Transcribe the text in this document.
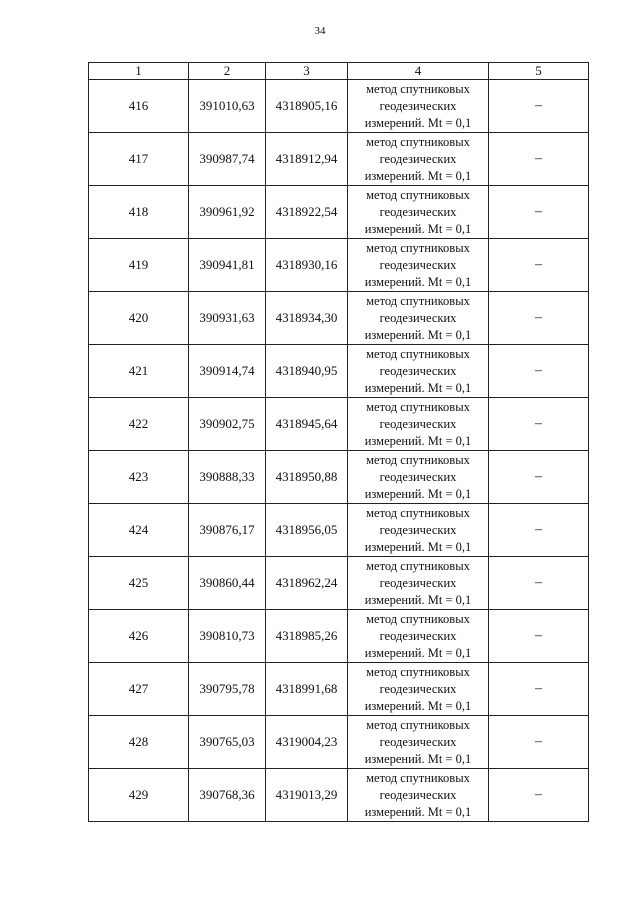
34
1	2	3	4	5
416	391010,63	4318905,16	метод спутниковых
геодезических
измерений. Mt = 0,1	–
417	390987,74	4318912,94	метод спутниковых
геодезических
измерений. Mt = 0,1	–
418	390961,92	4318922,54	метод спутниковых
геодезических
измерений. Mt = 0,1	–
419	390941,81	4318930,16	метод спутниковых
геодезических
измерений. Mt = 0,1	–
420	390931,63	4318934,30	метод спутниковых
геодезических
измерений. Mt = 0,1	–
421	390914,74	4318940,95	метод спутниковых
геодезических
измерений. Mt = 0,1	–
422	390902,75	4318945,64	метод спутниковых
геодезических
измерений. Mt = 0,1	–
423	390888,33	4318950,88	метод спутниковых
геодезических
измерений. Mt = 0,1	–
424	390876,17	4318956,05	метод спутниковых
геодезических
измерений. Mt = 0,1	–
425	390860,44	4318962,24	метод спутниковых
геодезических
измерений. Mt = 0,1	–
426	390810,73	4318985,26	метод спутниковых
геодезических
измерений. Mt = 0,1	–
427	390795,78	4318991,68	метод спутниковых
геодезических
измерений. Mt = 0,1	–
428	390765,03	4319004,23	метод спутниковых
геодезических
измерений. Mt = 0,1	–
429	390768,36	4319013,29	метод спутниковых
геодезических
измерений. Mt = 0,1	–
